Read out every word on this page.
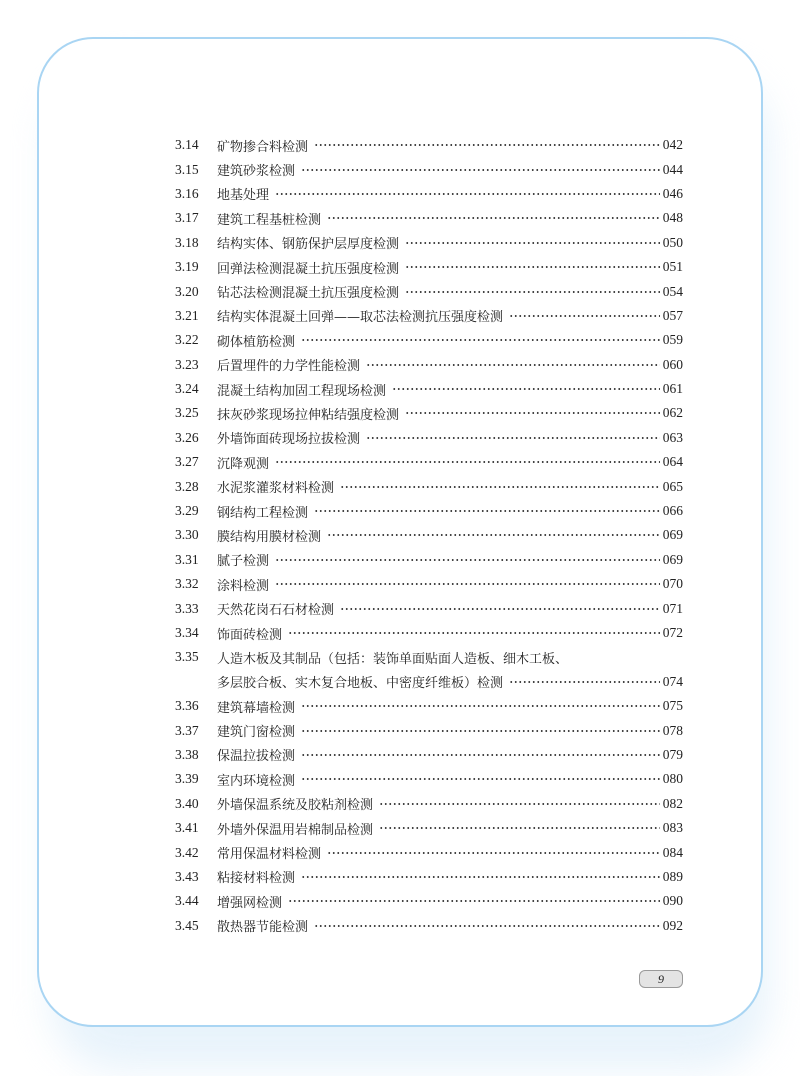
3.14	矿物掺合料检测	042
3.15	建筑砂浆检测	044
3.16	地基处理	046
3.17	建筑工程基桩检测	048
3.18	结构实体、钢筋保护层厚度检测	050
3.19	回弹法检测混凝土抗压强度检测	051
3.20	钻芯法检测混凝土抗压强度检测	054
3.21	结构实体混凝土回弹——取芯法检测抗压强度检测	057
3.22	砌体植筋检测	059
3.23	后置埋件的力学性能检测	060
3.24	混凝土结构加固工程现场检测	061
3.25	抹灰砂浆现场拉伸粘结强度检测	062
3.26	外墙饰面砖现场拉拔检测	063
3.27	沉降观测	064
3.28	水泥浆灌浆材料检测	065
3.29	钢结构工程检测	066
3.30	膜结构用膜材检测	069
3.31	腻子检测	069
3.32	涂料检测	070
3.33	天然花岗石石材检测	071
3.34	饰面砖检测	072
3.35	人造木板及其制品（包括：装饰单面贴面人造板、细木工板、
多层胶合板、实木复合地板、中密度纤维板）检测	074
3.36	建筑幕墙检测	075
3.37	建筑门窗检测	078
3.38	保温拉拔检测	079
3.39	室内环境检测	080
3.40	外墙保温系统及胶粘剂检测	082
3.41	外墙外保温用岩棉制品检测	083
3.42	常用保温材料检测	084
3.43	粘接材料检测	089
3.44	增强网检测	090
3.45	散热器节能检测	092
9
